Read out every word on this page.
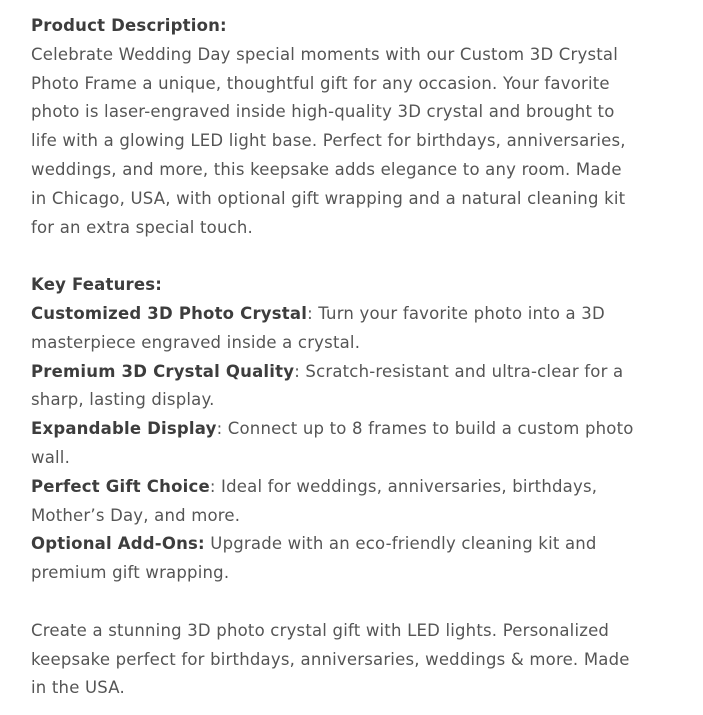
Product Description:

Celebrate Wedding Day special moments with our Custom 3D Crystal Photo Frame a unique, thoughtful gift for any occasion. Your favorite photo is laser-engraved inside high-quality 3D crystal and brought to life with a glowing LED light base. Perfect for birthdays, anniversaries, weddings, and more, this keepsake adds elegance to any room. Made in Chicago, USA, with optional gift wrapping and a natural cleaning kit for an extra special touch.

Key Features:

Customized 3D Photo Crystal: Turn your favorite photo into a 3D masterpiece engraved inside a crystal.

Premium 3D Crystal Quality: Scratch-resistant and ultra-clear for a sharp, lasting display.

Expandable Display: Connect up to 8 frames to build a custom photo wall.

Perfect Gift Choice: Ideal for weddings, anniversaries, birthdays, Mother’s Day, and more.

Optional Add-Ons: Upgrade with an eco-friendly cleaning kit and premium gift wrapping.

Create a stunning 3D photo crystal gift with LED lights. Personalized keepsake perfect for birthdays, anniversaries, weddings & more. Made in the USA.
